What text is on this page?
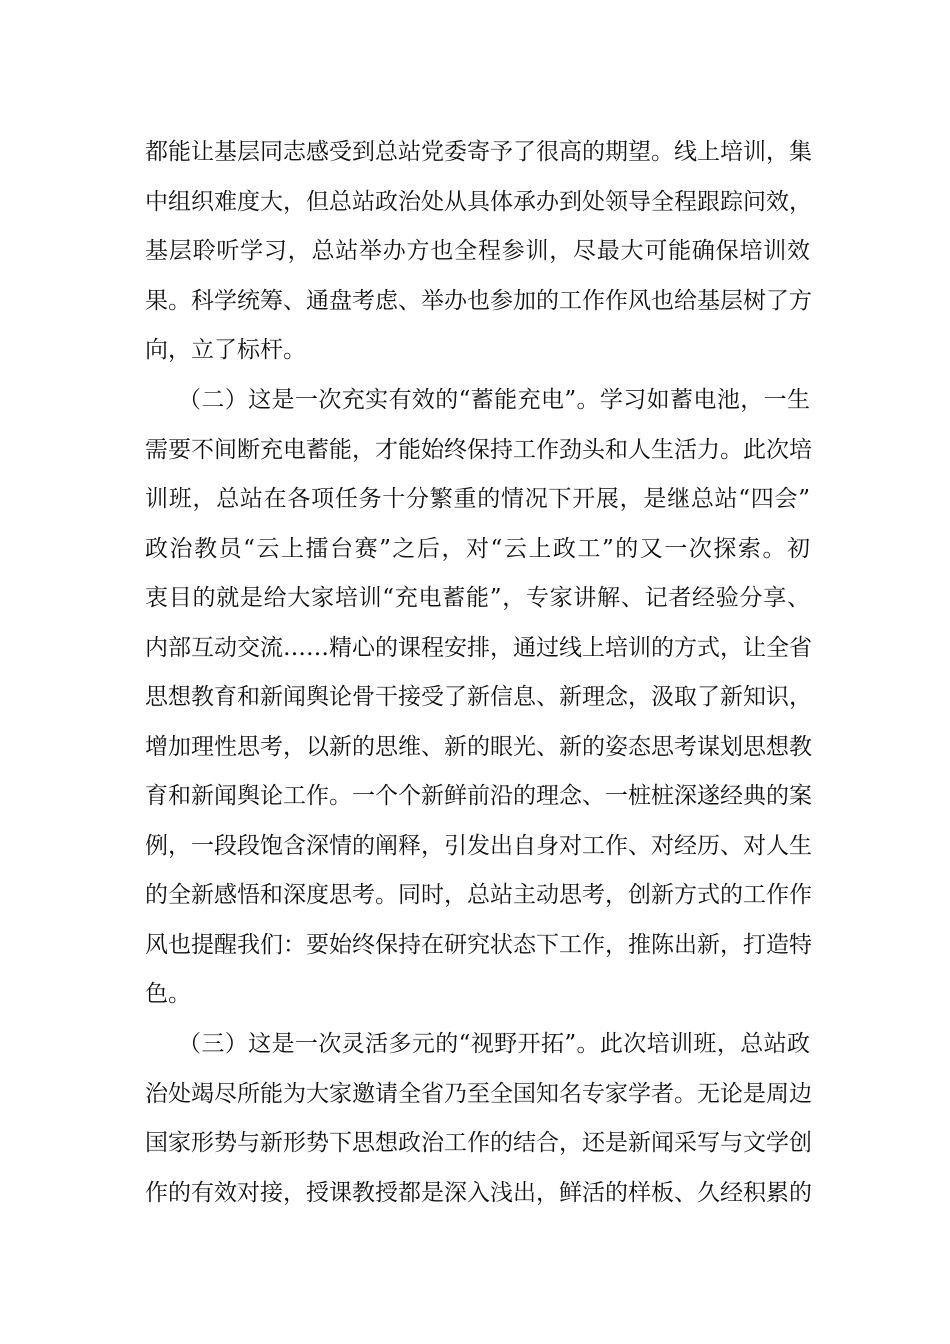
都能让基层同志感受到总站党委寄予了很高的期望。线上培训，集
中组织难度大，但总站政治处从具体承办到处领导全程跟踪问效，
基层聆听学习，总站举办方也全程参训，尽最大可能确保培训效
果。科学统筹、通盘考虑、举办也参加的工作作风也给基层树了方
向，立了标杆。
（二）这是一次充实有效的“蓄能充电”。学习如蓄电池，一生
需要不间断充电蓄能，才能始终保持工作劲头和人生活力。此次培
训班，总站在各项任务十分繁重的情况下开展，是继总站“四会”
政治教员“云上擂台赛”之后，对“云上政工”的又一次探索。初
衷目的就是给大家培训“充电蓄能”，专家讲解、记者经验分享、
内部互动交流……精心的课程安排，通过线上培训的方式，让全省
思想教育和新闻舆论骨干接受了新信息、新理念，汲取了新知识，
增加理性思考，以新的思维、新的眼光、新的姿态思考谋划思想教
育和新闻舆论工作。一个个新鲜前沿的理念、一桩桩深遂经典的案
例，一段段饱含深情的阐释，引发出自身对工作、对经历、对人生
的全新感悟和深度思考。同时，总站主动思考，创新方式的工作作
风也提醒我们：要始终保持在研究状态下工作，推陈出新，打造特
色。
（三）这是一次灵活多元的“视野开拓”。此次培训班，总站政
治处竭尽所能为大家邀请全省乃至全国知名专家学者。无论是周边
国家形势与新形势下思想政治工作的结合，还是新闻采写与文学创
作的有效对接，授课教授都是深入浅出，鲜活的样板、久经积累的
